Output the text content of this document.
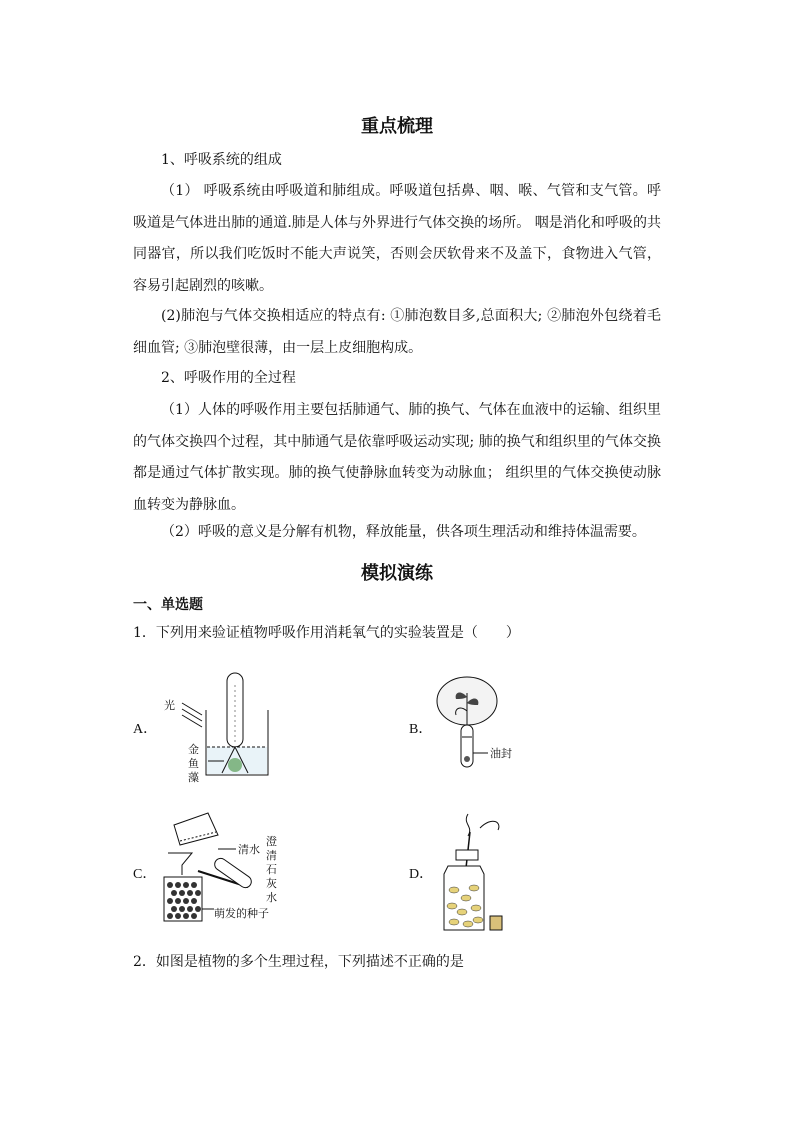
重点梳理
1、呼吸系统的组成
（1） 呼吸系统由呼吸道和肺组成。呼吸道包括鼻、咽、喉、气管和支气管。呼吸道是气体进出肺的通道.肺是人体与外界进行气体交换的场所。 咽是消化和呼吸的共同器官，所以我们吃饭时不能大声说笑，否则会厌软骨来不及盖下，食物进入气管，容易引起剧烈的咳嗽。
(2)肺泡与气体交换相适应的特点有: ①肺泡数目多,总面积大; ②肺泡外包绕着毛细血管; ③肺泡壁很薄，由一层上皮细胞构成。
2、呼吸作用的全过程
（1）人体的呼吸作用主要包括肺通气、肺的换气、气体在血液中的运输、组织里的气体交换四个过程，其中肺通气是依靠呼吸运动实现; 肺的换气和组织里的气体交换都是通过气体扩散实现。肺的换气使静脉血转变为动脉血； 组织里的气体交换使动脉血转变为静脉血。
（2）呼吸的意义是分解有机物，释放能量，供各项生理活动和维持体温需要。
模拟演练
一、单选题
1．下列用来验证植物呼吸作用消耗氧气的实验装置是（　　）
A．
光
金
鱼
藻
B．
油封
C．
清水
澄
清
石
灰
水
萌发的种子
D．
2．如图是植物的多个生理过程，下列描述不正确的是
